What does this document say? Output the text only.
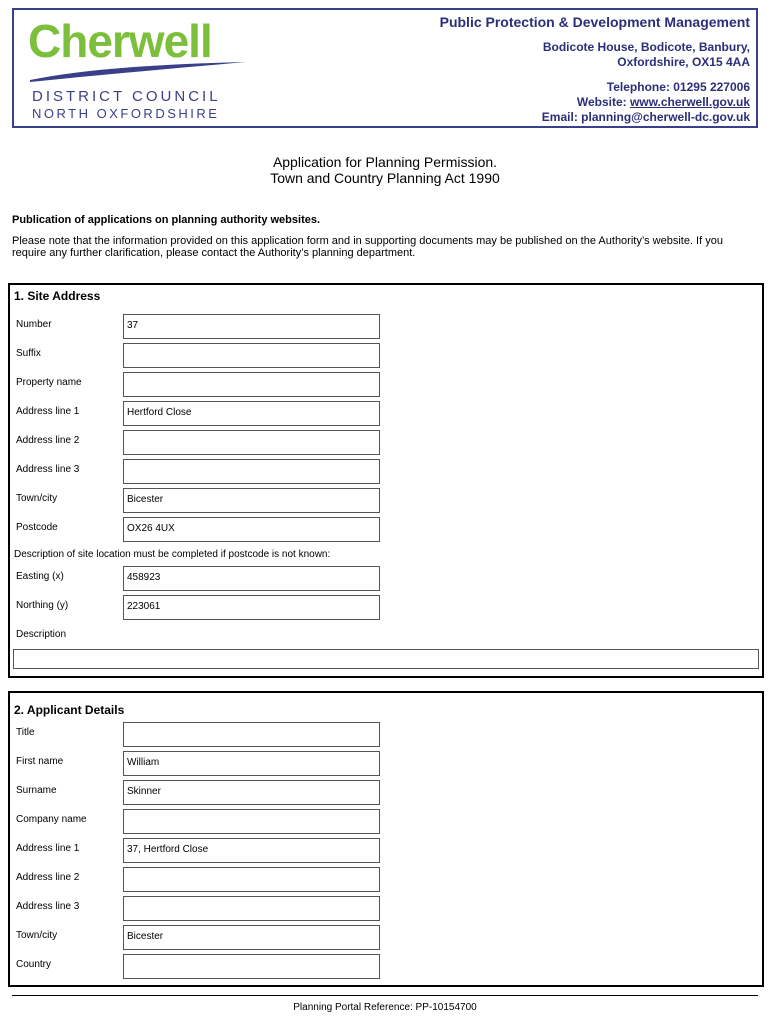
Cherwell
DISTRICT COUNCIL
NORTH OXFORDSHIRE
Public Protection & Development Management
Bodicote House, Bodicote, Banbury,
Oxfordshire, OX15 4AA
Telephone: 01295 227006
Website: www.cherwell.gov.uk
Email: planning@cherwell-dc.gov.uk
Application for Planning Permission.
Town and Country Planning Act 1990
Publication of applications on planning authority websites.
Please note that the information provided on this application form and in supporting documents may be published on the Authority’s website. If you require any further clarification, please contact the Authority’s planning department.
1. Site Address
Number	37
Suffix
Property name
Address line 1	Hertford Close
Address line 2
Address line 3
Town/city	Bicester
Postcode	OX26 4UX
Description of site location must be completed if postcode is not known:
Easting (x)	458923
Northing (y)	223061
Description
2. Applicant Details
Title
First name	William
Surname	Skinner
Company name
Address line 1	37, Hertford Close
Address line 2
Address line 3
Town/city	Bicester
Country
Planning Portal Reference: PP-10154700
